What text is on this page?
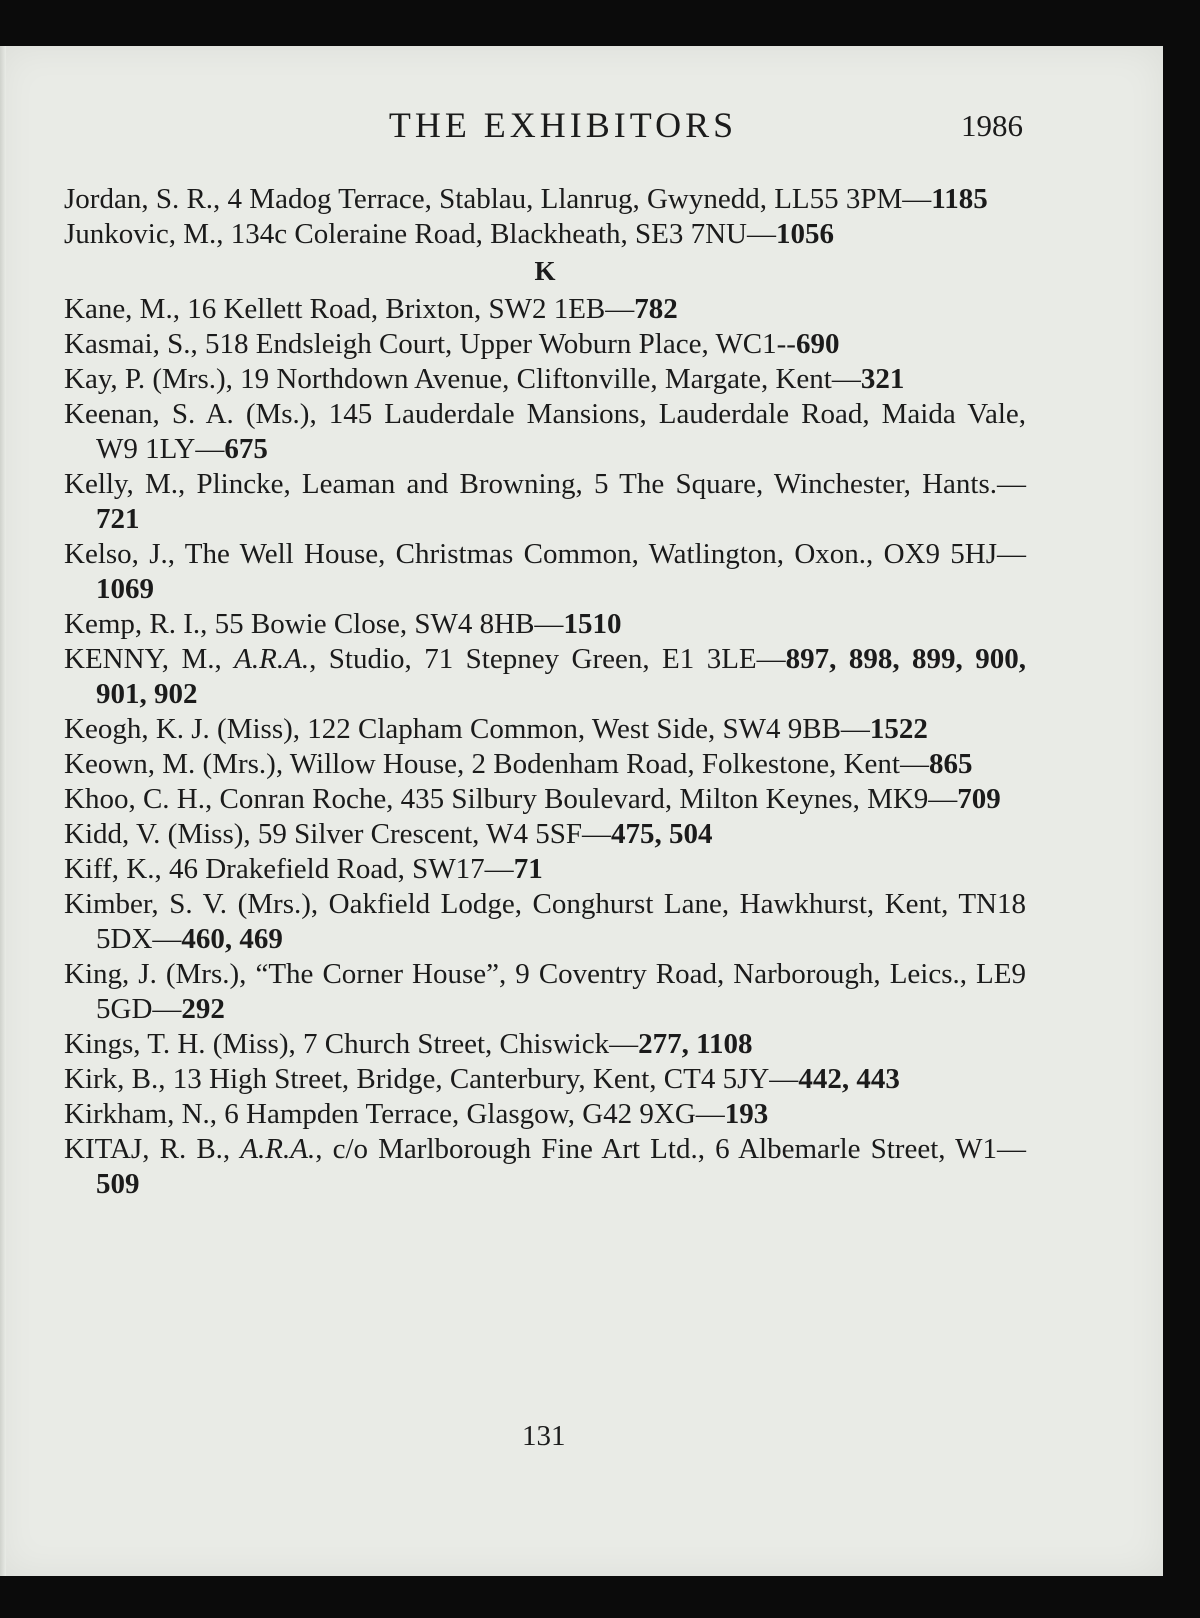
THE EXHIBITORS	1986
Jordan, S. R., 4 Madog Terrace, Stablau, Llanrug, Gwynedd, LL55 3PM—1185
Junkovic, M., 134c Coleraine Road, Blackheath, SE3 7NU—1056
K
Kane, M., 16 Kellett Road, Brixton, SW2 1EB—782
Kasmai, S., 518 Endsleigh Court, Upper Woburn Place, WC1--690
Kay, P. (Mrs.), 19 Northdown Avenue, Cliftonville, Margate, Kent—321
Keenan, S. A. (Ms.), 145 Lauderdale Mansions, Lauderdale Road, Maida Vale, W9 1LY—675
Kelly, M., Plincke, Leaman and Browning, 5 The Square, Winchester, Hants.—721
Kelso, J., The Well House, Christmas Common, Watlington, Oxon., OX9 5HJ—1069
Kemp, R. I., 55 Bowie Close, SW4 8HB—1510
KENNY, M., A.R.A., Studio, 71 Stepney Green, E1 3LE—897, 898, 899, 900, 901, 902
Keogh, K. J. (Miss), 122 Clapham Common, West Side, SW4 9BB—1522
Keown, M. (Mrs.), Willow House, 2 Bodenham Road, Folkestone, Kent—865
Khoo, C. H., Conran Roche, 435 Silbury Boulevard, Milton Keynes, MK9—709
Kidd, V. (Miss), 59 Silver Crescent, W4 5SF—475, 504
Kiff, K., 46 Drakefield Road, SW17—71
Kimber, S. V. (Mrs.), Oakfield Lodge, Conghurst Lane, Hawkhurst, Kent, TN18 5DX—460, 469
King, J. (Mrs.), “The Corner House”, 9 Coventry Road, Narborough, Leics., LE9 5GD—292
Kings, T. H. (Miss), 7 Church Street, Chiswick—277, 1108
Kirk, B., 13 High Street, Bridge, Canterbury, Kent, CT4 5JY—442, 443
Kirkham, N., 6 Hampden Terrace, Glasgow, G42 9XG—193
KITAJ, R. B., A.R.A., c/o Marlborough Fine Art Ltd., 6 Albemarle Street, W1—509
131
